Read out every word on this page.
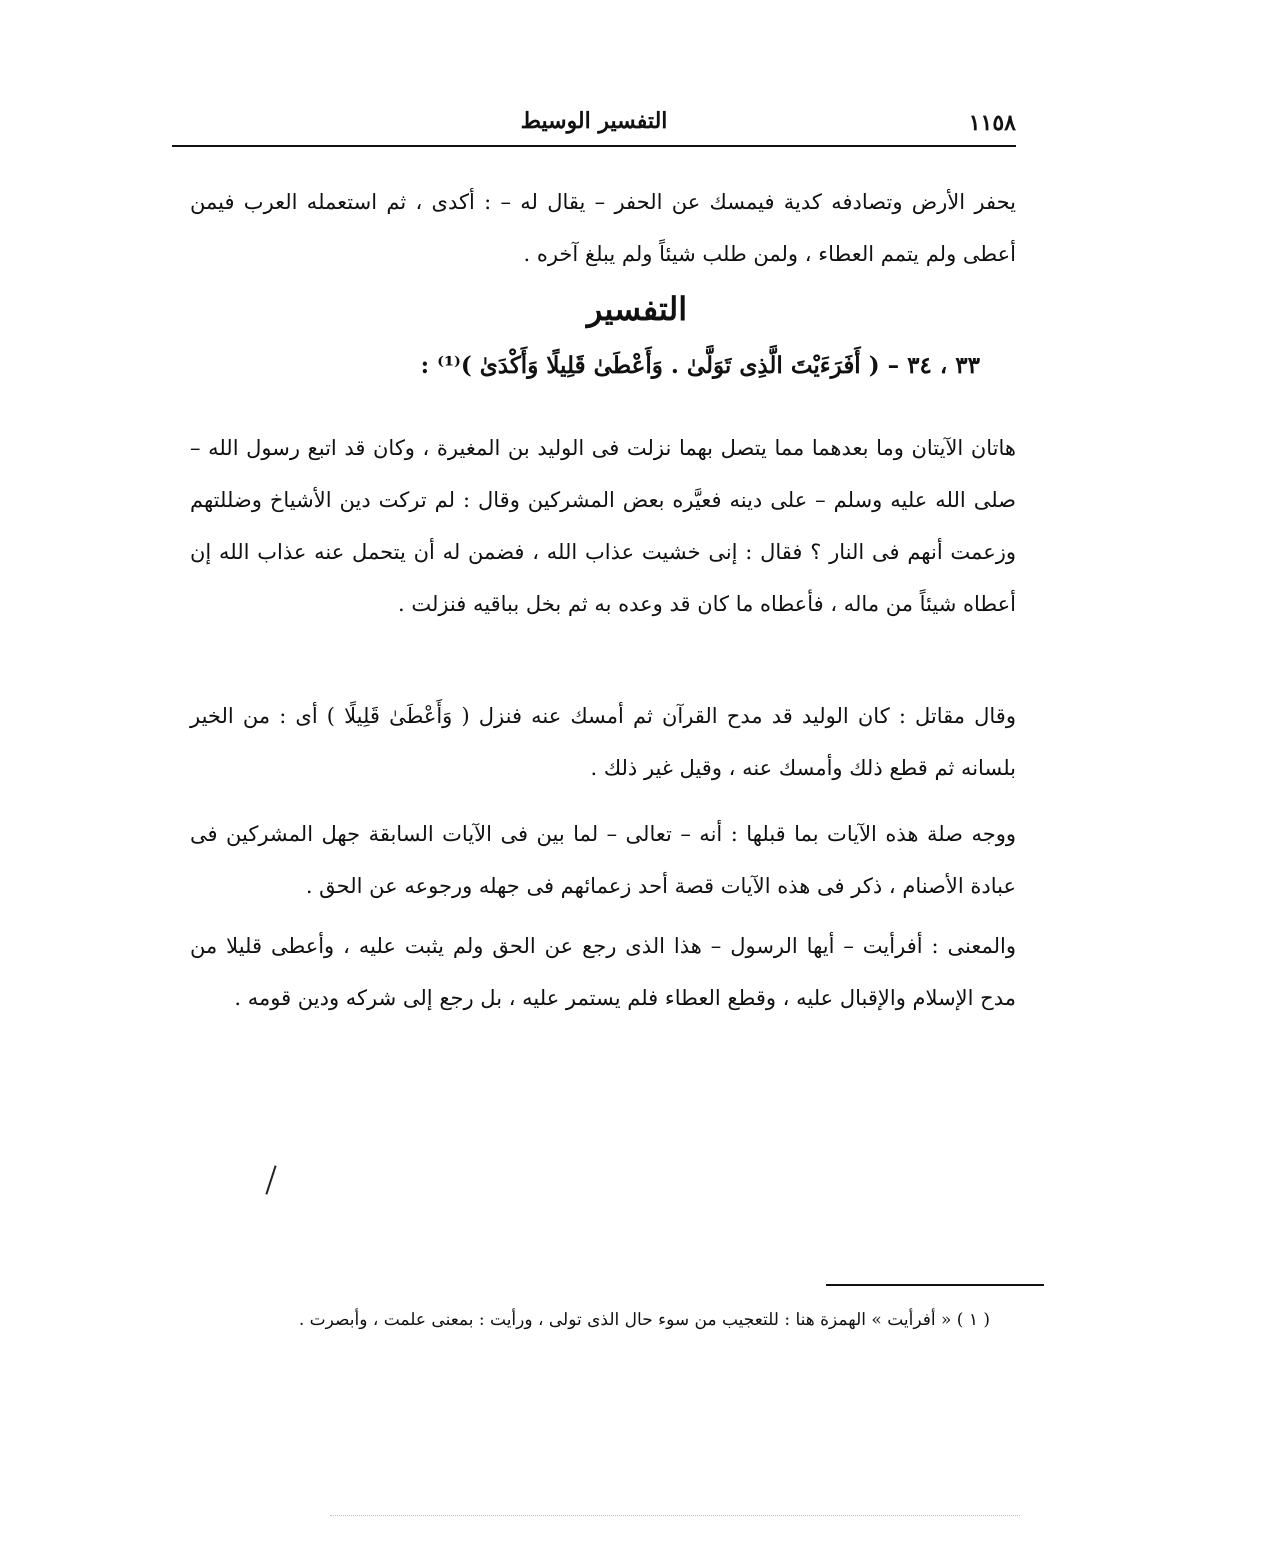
١١٥٨
التفسير الوسيط

يحفر الأرض وتصادفه كدية فيمسك عن الحفر – يقال له – : أكدى ، ثم استعمله العرب فيمن أعطى ولم يتمم العطاء ، ولمن طلب شيئاً ولم يبلغ آخره .

التفسير
٣٣ ، ٣٤ – ( أَفَرَءَيْتَ الَّذِى تَوَلَّىٰ . وَأَعْطَىٰ قَلِيلًا وَأَكْدَىٰ )⁽¹⁾ :

هاتان الآيتان وما بعدهما مما يتصل بهما نزلت فى الوليد بن المغيرة ، وكان قد اتبع رسول الله – صلى الله عليه وسلم – على دينه فعيَّره بعض المشركين وقال : لم تركت دين الأشياخ وضللتهم وزعمت أنهم فى النار ؟ فقال : إنى خشيت عذاب الله ، فضمن له أن يتحمل عنه عذاب الله إن أعطاه شيئاً من ماله ، فأعطاه ما كان قد وعده به ثم بخل بباقيه فنزلت .

وقال مقاتل : كان الوليد قد مدح القرآن ثم أمسك عنه فنزل ( وَأَعْطَىٰ قَلِيلًا ) أى : من الخير بلسانه ثم قطع ذلك وأمسك عنه ، وقيل غير ذلك .

ووجه صلة هذه الآيات بما قبلها : أنه – تعالى – لما بين فى الآيات السابقة جهل المشركين فى عبادة الأصنام ، ذكر فى هذه الآيات قصة أحد زعمائهم فى جهله ورجوعه عن الحق .

والمعنى : أفرأيت – أيها الرسول – هذا الذى رجع عن الحق ولم يثبت عليه ، وأعطى قليلا من مدح الإسلام والإقبال عليه ، وقطع العطاء فلم يستمر عليه ، بل رجع إلى شركه ودين قومه .

( ١ ) « أفرأيت » الهمزة هنا : للتعجيب من سوء حال الذى تولى ، ورأيت : بمعنى علمت ، وأبصرت .
